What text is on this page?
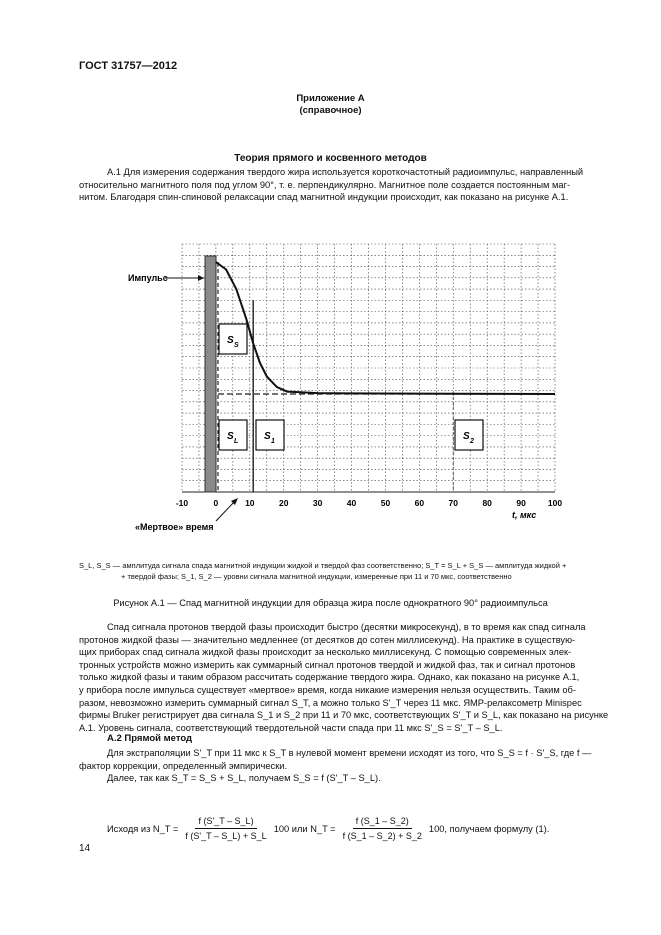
ГОСТ 31757—2012
Приложение А
(справочное)
Теория прямого и косвенного методов
А.1 Для измерения содержания твердого жира используется короткочастотный радиоимпульс, направленный
относительно магнитного поля под углом 90°, т. е. перпендикулярно. Магнитное поле создается постоянным маг-
нитом. Благодаря спин-спиновой релаксации спад магнитной индукции происходит, как показано на рисунке А.1.
-10	0	10	20	30	40	50	60	70	80	90	100
Импульс
S S
S L	S 1	S 2
t, мкс
«Мертвое» время
S_L, S_S — амплитуда сигнала спада магнитной индукции жидкой и твердой фаз соответственно; S_T = S_L + S_S — амплитуда жидкой +
+ твердой фазы; S_1, S_2 — уровни сигнала магнитной индукции, измеренные при 11 и 70 мкс, соответственно
Рисунок А.1 — Спад магнитной индукции для образца жира после однократного 90° радиоимпульса
Спад сигнала протонов твердой фазы происходит быстро (десятки микросекунд), в то время как спад сигнала
протонов жидкой фазы — значительно медленнее (от десятков до сотен миллисекунд). На практике в существую-
щих приборах спад сигнала жидкой фазы происходит за несколько миллисекунд. С помощью современных элек-
тронных устройств можно измерить как суммарный сигнал протонов твердой и жидкой фаз, так и сигнал протонов
только жидкой фазы и таким образом рассчитать содержание твердого жира. Однако, как показано на рисунке А.1,
у прибора после импульса существует «мертвое» время, когда никакие измерения нельзя осуществить. Таким об-
разом, невозможно измерить суммарный сигнал S_T, а можно только S'_T через 11 мкс. ЯМР-релаксометр Minispec
фирмы Bruker регистрирует два сигнала S_1 и S_2 при 11 и 70 мкс, соответствующих S'_T и S_L, как показано на рисунке
А.1. Уровень сигнала, соответствующий твердотельной части спада при 11 мкс S'_S = S'_T – S_L.
А.2 Прямой метод
Для экстраполяции S'_T при 11 мкс к S_T в нулевой момент времени исходят из того, что S_S = f · S'_S, где f —
фактор коррекции, определенный эмпирически.
Далее, так как S_T = S_S + S_L, получаем S_S = f (S'_T – S_L).
Исходя из N_T = $\frac{f (S'\_T - S\_L)}{f (S'\_T - S\_L) + S\_L} 100$ или N_T = $\frac{f (S\_1 - S\_2)}{f (S\_1 - S\_2) + S\_2} 100$, получаем формулу (1).
14
